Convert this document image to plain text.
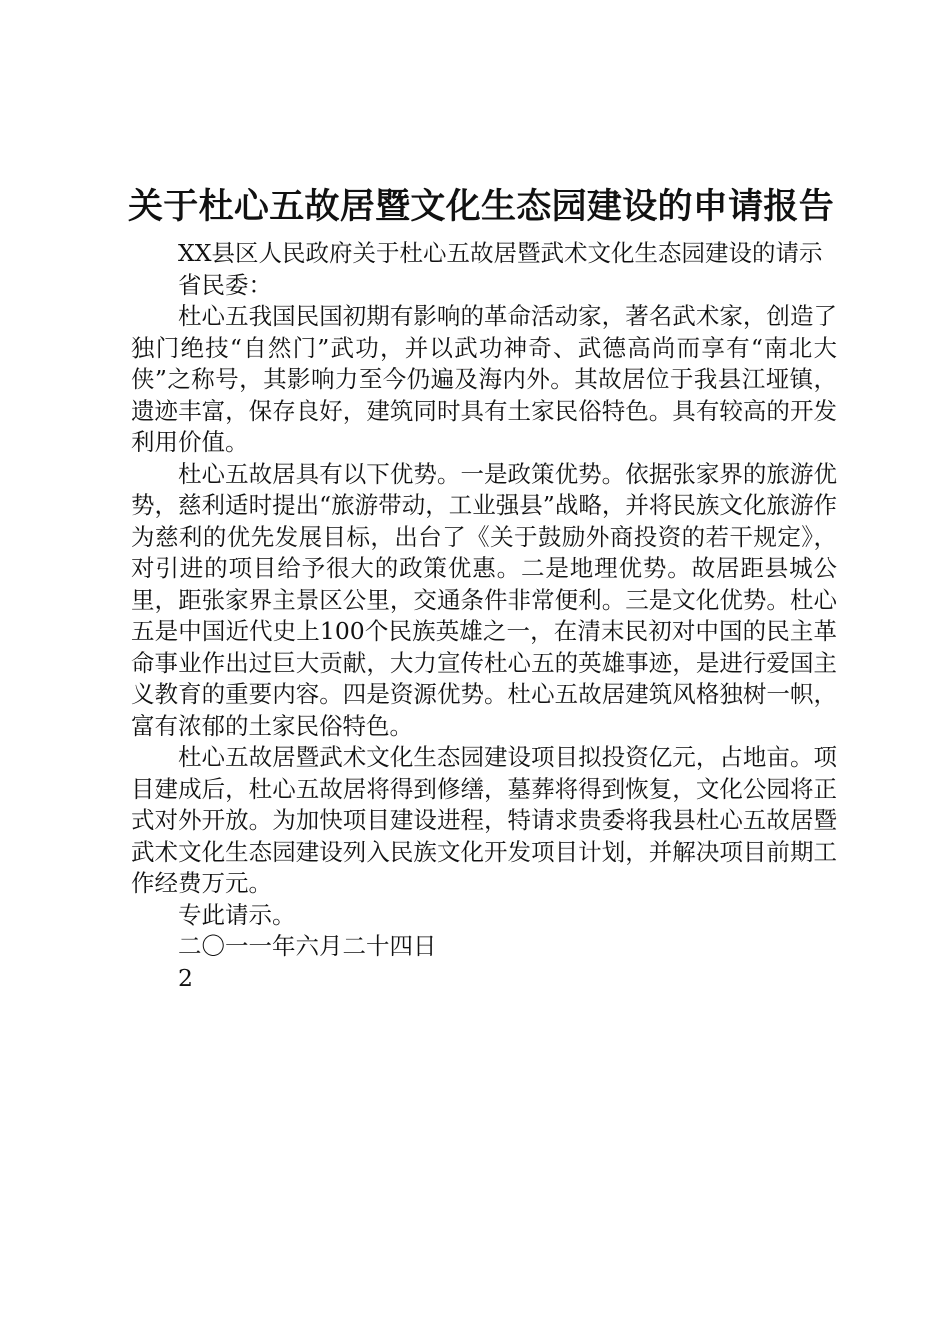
关于杜心五故居暨文化生态园建设的申请报告

XX县区人民政府关于杜心五故居暨武术文化生态园建设的请示

省民委：

杜心五我国民国初期有影响的革命活动家，著名武术家，创造了独门绝技“自然门”武功，并以武功神奇、武德高尚而享有“南北大侠”之称号，其影响力至今仍遍及海内外。其故居位于我县江垭镇，遗迹丰富，保存良好，建筑同时具有土家民俗特色。具有较高的开发利用价值。

杜心五故居具有以下优势。一是政策优势。依据张家界的旅游优势，慈利适时提出“旅游带动，工业强县”战略，并将民族文化旅游作为慈利的优先发展目标，出台了《关于鼓励外商投资的若干规定》，对引进的项目给予很大的政策优惠。二是地理优势。故居距县城公里，距张家界主景区公里，交通条件非常便利。三是文化优势。杜心五是中国近代史上100个民族英雄之一，在清末民初对中国的民主革命事业作出过巨大贡献，大力宣传杜心五的英雄事迹，是进行爱国主义教育的重要内容。四是资源优势。杜心五故居建筑风格独树一帜，富有浓郁的土家民俗特色。

杜心五故居暨武术文化生态园建设项目拟投资亿元，占地亩。项目建成后，杜心五故居将得到修缮，墓葬将得到恢复，文化公园将正式对外开放。为加快项目建设进程，特请求贵委将我县杜心五故居暨武术文化生态园建设列入民族文化开发项目计划，并解决项目前期工作经费万元。

专此请示。

二〇一一年六月二十四日

2
